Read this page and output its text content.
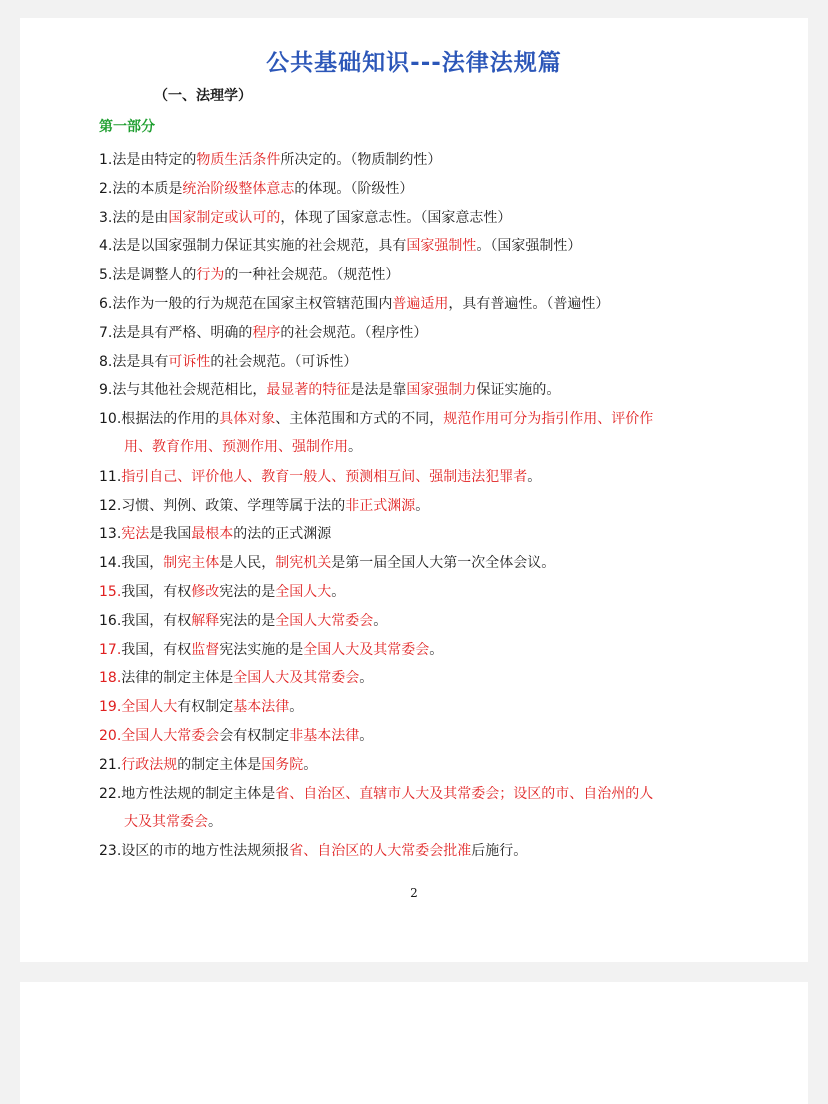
公共基础知识---法律法规篇
（一、法理学）
第一部分
1.法是由特定的物质生活条件所决定的。（物质制约性）
2.法的本质是统治阶级整体意志的体现。（阶级性）
3.法的是由国家制定或认可的，体现了国家意志性。（国家意志性）
4.法是以国家强制力保证其实施的社会规范，具有国家强制性。（国家强制性）
5.法是调整人的行为的一种社会规范。（规范性）
6.法作为一般的行为规范在国家主权管辖范围内普遍适用，具有普遍性。（普遍性）
7.法是具有严格、明确的程序的社会规范。（程序性）
8.法是具有可诉性的社会规范。（可诉性）
9.法与其他社会规范相比，最显著的特征是法是靠国家强制力保证实施的。
10.根据法的作用的具体对象、主体范围和方式的不同，规范作用可分为指引作用、评价作
用、教育作用、预测作用、强制作用。
11.指引自己、评价他人、教育一般人、预测相互间、强制违法犯罪者。
12.习惯、判例、政策、学理等属于法的非正式渊源。
13.宪法是我国最根本的法的正式渊源
14.我国，制宪主体是人民，制宪机关是第一届全国人大第一次全体会议。
15.我国，有权修改宪法的是全国人大。
16.我国，有权解释宪法的是全国人大常委会。
17.我国，有权监督宪法实施的是全国人大及其常委会。
18.法律的制定主体是全国人大及其常委会。
19.全国人大有权制定基本法律。
20.全国人大常委会会有权制定非基本法律。
21.行政法规的制定主体是国务院。
22.地方性法规的制定主体是省、自治区、直辖市人大及其常委会；设区的市、自治州的人
大及其常委会。
23.设区的市的地方性法规须报省、自治区的人大常委会批准后施行。
2
